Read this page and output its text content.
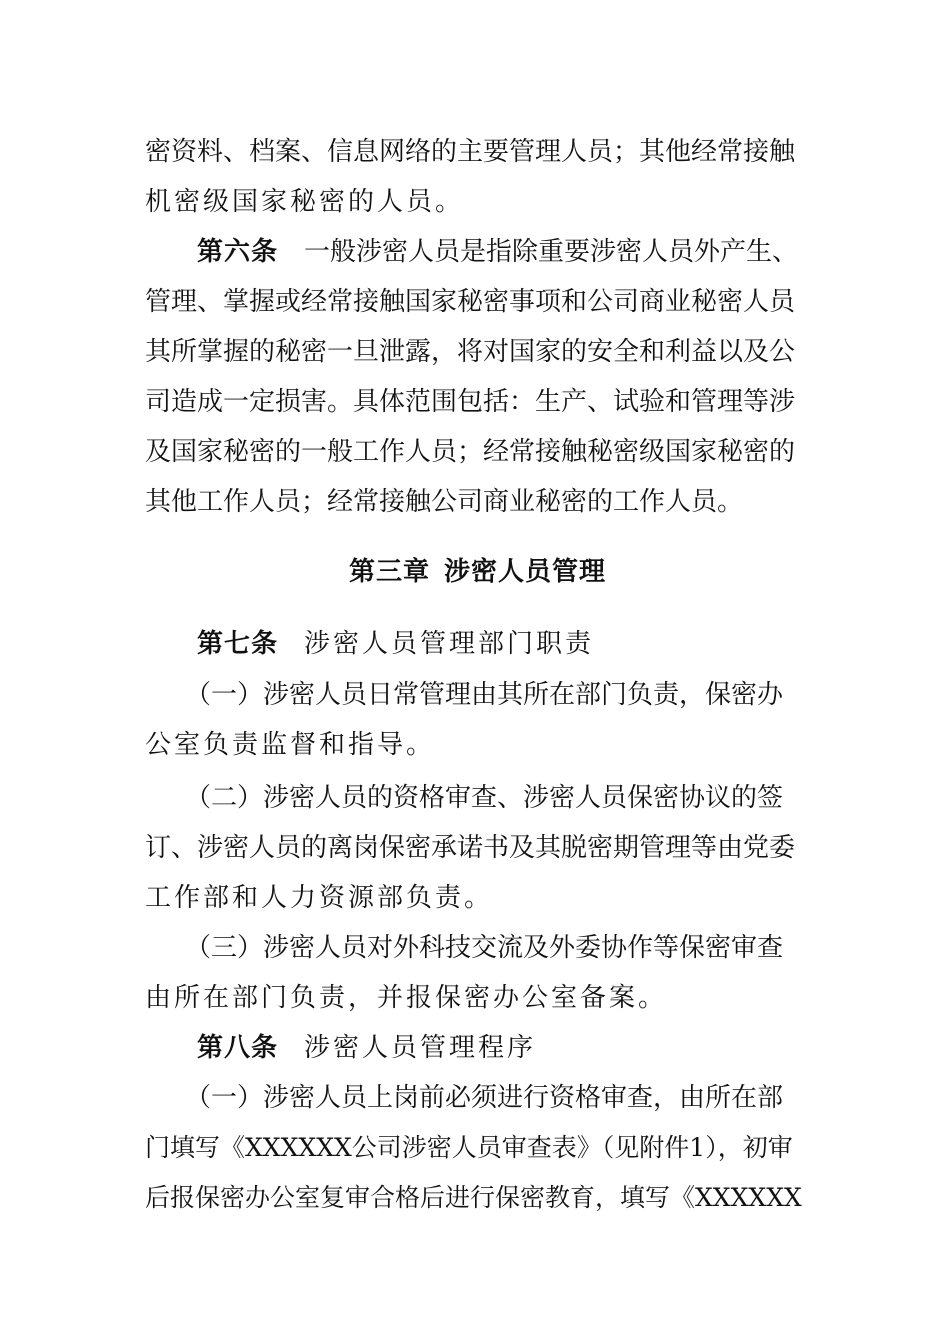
密资料、档案、信息网络的主要管理人员；其他经常接触
机密级国家秘密的人员。
第六条 一般涉密人员是指除重要涉密人员外产生、
管理、掌握或经常接触国家秘密事项和公司商业秘密人员
其所掌握的秘密一旦泄露，将对国家的安全和利益以及公
司造成一定损害。具体范围包括：生产、试验和管理等涉
及国家秘密的一般工作人员；经常接触秘密级国家秘密的
其他工作人员；经常接触公司商业秘密的工作人员。
第三章 涉密人员管理
第七条 涉密人员管理部门职责
（一）涉密人员日常管理由其所在部门负责，保密办
公室负责监督和指导。
（二）涉密人员的资格审查、涉密人员保密协议的签
订、涉密人员的离岗保密承诺书及其脱密期管理等由党委
工作部和人力资源部负责。
（三）涉密人员对外科技交流及外委协作等保密审查
由所在部门负责，并报保密办公室备案。
第八条 涉密人员管理程序
（一）涉密人员上岗前必须进行资格审查，由所在部
门填写《XXXXXX公司涉密人员审查表》（见附件1），初审
后报保密办公室复审合格后进行保密教育，填写《XXXXXX
